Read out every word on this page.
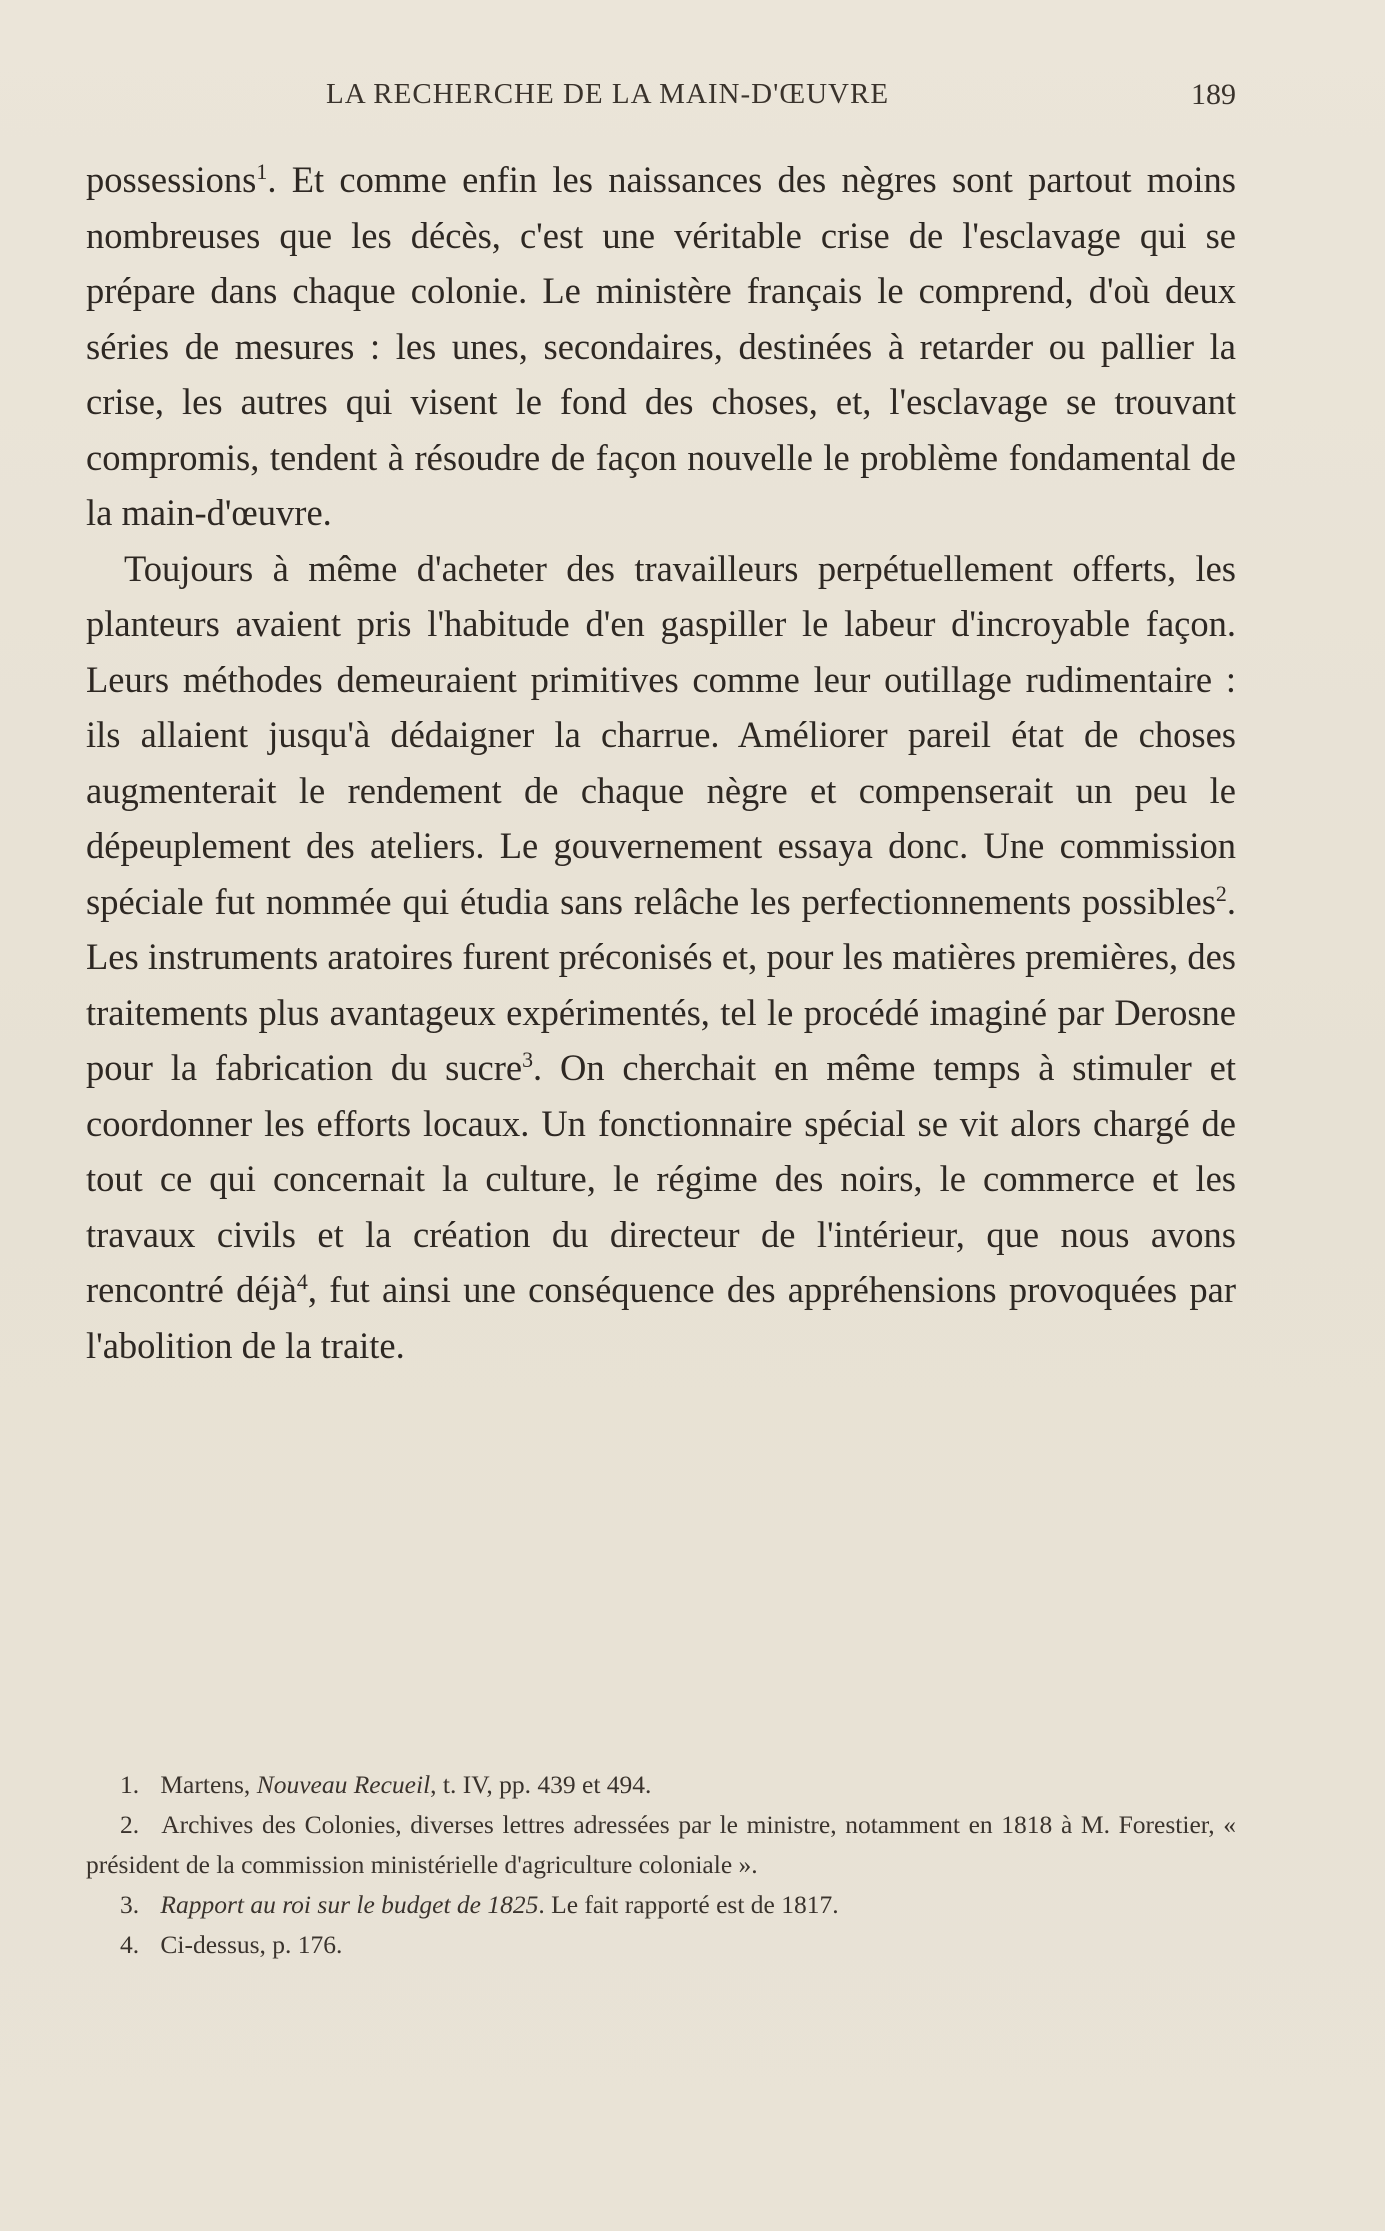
LA RECHERCHE DE LA MAIN-D'ŒUVRE	189

possessions$^1$. Et comme enfin les naissances des nègres sont partout moins nombreuses que les décès, c'est une véritable crise de l'esclavage qui se prépare dans chaque colonie. Le ministère français le comprend, d'où deux séries de mesures : les unes, secondaires, destinées à retarder ou pallier la crise, les autres qui visent le fond des choses, et, l'esclavage se trouvant compromis, tendent à résoudre de façon nouvelle le problème fondamental de la main-d'œuvre.

Toujours à même d'acheter des travailleurs perpétuellement offerts, les planteurs avaient pris l'habitude d'en gaspiller le labeur d'incroyable façon. Leurs méthodes demeuraient primitives comme leur outillage rudimentaire : ils allaient jusqu'à dédaigner la charrue. Améliorer pareil état de choses augmenterait le rendement de chaque nègre et compenserait un peu le dépeuplement des ateliers. Le gouvernement essaya donc. Une commission spéciale fut nommée qui étudia sans relâche les perfectionnements possibles$^2$. Les instruments aratoires furent préconisés et, pour les matières premières, des traitements plus avantageux expérimentés, tel le procédé imaginé par Derosne pour la fabrication du sucre$^3$. On cherchait en même temps à stimuler et coordonner les efforts locaux. Un fonctionnaire spécial se vit alors chargé de tout ce qui concernait la culture, le régime des noirs, le commerce et les travaux civils et la création du directeur de l'intérieur, que nous avons rencontré déjà$^4$, fut ainsi une conséquence des appréhensions provoquées par l'abolition de la traite.

1. Martens, Nouveau Recueil, t. IV, pp. 439 et 494.

2. Archives des Colonies, diverses lettres adressées par le ministre, notamment en 1818 à M. Forestier, « président de la commission ministérielle d'agriculture coloniale ».

3. Rapport au roi sur le budget de 1825. Le fait rapporté est de 1817.

4. Ci-dessus, p. 176.
